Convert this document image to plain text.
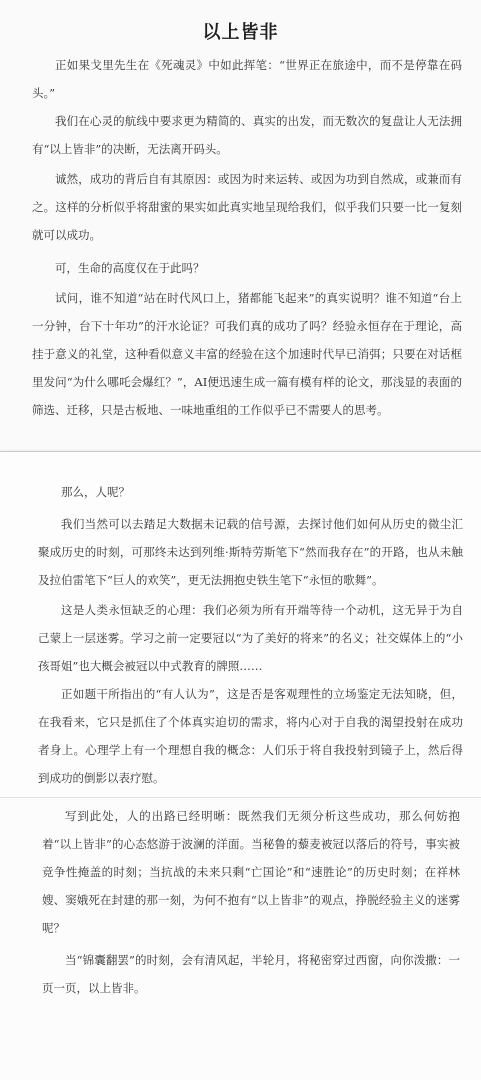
以上皆非

正如果戈里先生在《死魂灵》中如此挥笔：“世界正在旅途中，而不是停靠在码头。”

我们在心灵的航线中要求更为精简的、真实的出发，而无数次的复盘让人无法拥有“以上皆非”的决断，无法离开码头。

诚然，成功的背后自有其原因：或因为时来运转、或因为功到自然成，或兼而有之。这样的分析似乎将甜蜜的果实如此真实地呈现给我们，似乎我们只要一比一复刻就可以成功。

可，生命的高度仅在于此吗？

试问，谁不知道“站在时代风口上，猪都能飞起来”的真实说明？谁不知道“台上一分钟，台下十年功”的汗水论证？可我们真的成功了吗？经验永恒存在于理论，高挂于意义的礼堂，这种看似意义丰富的经验在这个加速时代早已消弭；只要在对话框里发问“为什么哪吒会爆红？”，AI便迅速生成一篇有模有样的论文，那浅显的表面的筛选、迁移，只是古板地、一味地重组的工作似乎已不需要人的思考。

那么，人呢？

我们当然可以去踏足大数据未记载的信号源，去探讨他们如何从历史的微尘汇聚成历史的时刻，可那终未达到列维·斯特劳斯笔下“然而我存在”的开路，也从未触及拉伯雷笔下“巨人的欢笑”，更无法拥抱史铁生笔下“永恒的歌舞”。

这是人类永恒缺乏的心理：我们必须为所有开端等待一个动机，这无异于为自己蒙上一层迷雾。学习之前一定要冠以“为了美好的将来”的名义；社交媒体上的“小孩哥姐”也大概会被冠以中式教育的牌照……

正如题干所指出的“有人认为”，这是否是客观理性的立场鉴定无法知晓，但，在我看来，它只是抓住了个体真实迫切的需求，将内心对于自我的渴望投射在成功者身上。心理学上有一个理想自我的概念：人们乐于将自我投射到镜子上，然后得到成功的倒影以表疗慰。

写到此处，人的出路已经明晰：既然我们无须分析这些成功，那么何妨抱着“以上皆非”的心态悠游于波澜的洋面。当秘鲁的藜麦被冠以落后的符号，事实被竞争性掩盖的时刻；当抗战的未来只剩“亡国论”和“速胜论”的历史时刻；在祥林嫂、窦娥死在封建的那一刻，为何不抱有“以上皆非”的观点，挣脱经验主义的迷雾呢？

当“锦囊翻罢”的时刻，会有清风起，半轮月，将秘密穿过西窗，向你泼撒：一页一页，以上皆非。
